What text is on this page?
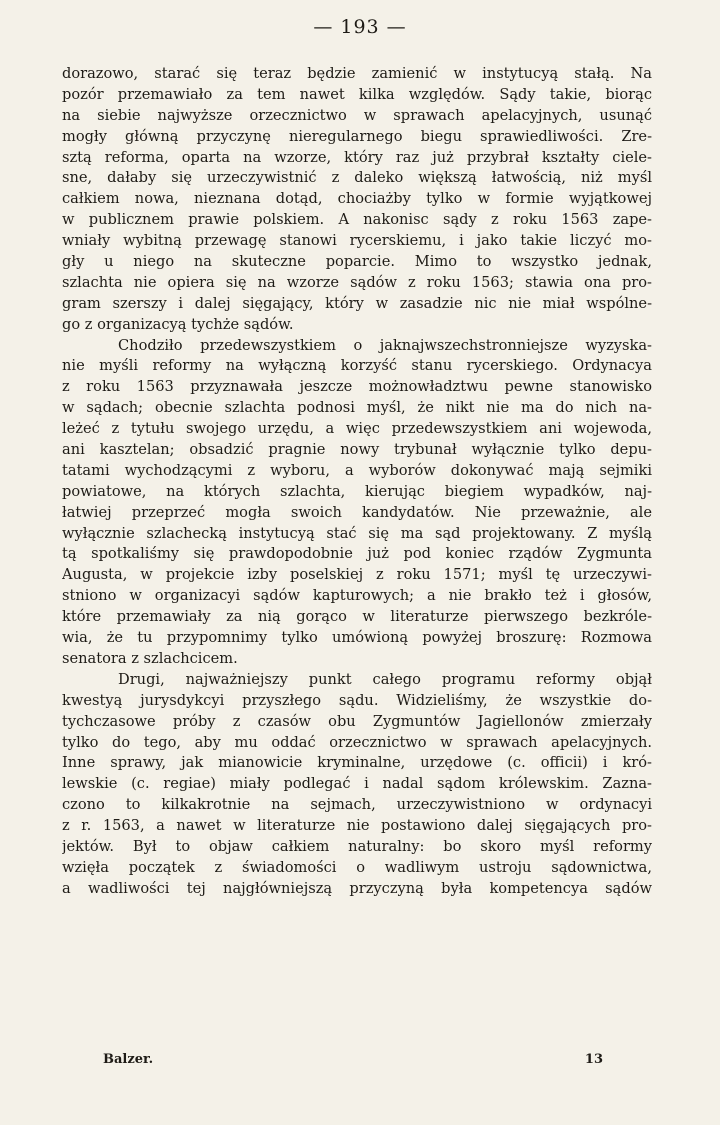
— 193 —
dorazowo, starać się teraz będzie zamienić w instytucyą stałą. Na
pozór przemawiało za tem nawet kilka względów. Sądy takie, biorąc
na siebie najwyższe orzecznictwo w sprawach apelacyjnych, usunąć
mogły główną przyczynę nieregularnego biegu sprawiedliwości. Zre-
sztą reforma, oparta na wzorze, który raz już przybrał kształty ciele-
sne, dałaby się urzeczywistnić z daleko większą łatwością, niż myśl
całkiem nowa, nieznana dotąd, chociażby tylko w formie wyjątkowej
w publicznem prawie polskiem. A nakonisc sądy z roku 1563 zape-
wniały wybitną przewagę stanowi rycerskiemu, i jako takie liczyć mo-
gły u niego na skuteczne poparcie. Mimo to wszystko jednak,
szlachta nie opiera się na wzorze sądów z roku 1563; stawia ona pro-
gram szerszy i dalej sięgający, który w zasadzie nic nie miał wspólne-
go z organizacyą tychże sądów.
Chodziło przedewszystkiem o jaknajwszechstronniejsze wyzyska-
nie myśli reformy na wyłączną korzyść stanu rycerskiego. Ordynacya
z roku 1563 przyznawała jeszcze możnowładztwu pewne stanowisko
w sądach; obecnie szlachta podnosi myśl, że nikt nie ma do nich na-
leżeć z tytułu swojego urzędu, a więc przedewszystkiem ani wojewoda,
ani kasztelan; obsadzić pragnie nowy trybunał wyłącznie tylko depu-
tatami wychodzącymi z wyboru, a wyborów dokonywać mają sejmiki
powiatowe, na których szlachta, kierując biegiem wypadków, naj-
łatwiej przeprzeć mogła swoich kandydatów. Nie przeważnie, ale
wyłącznie szlachecką instytucyą stać się ma sąd projektowany. Z myślą
tą spotkaliśmy się prawdopodobnie już pod koniec rządów Zygmunta
Augusta, w projekcie izby poselskiej z roku 1571; myśl tę urzeczywi-
stniono w organizacyi sądów kapturowych; a nie brakło też i głosów,
które przemawiały za nią gorąco w literaturze pierwszego bezkróle-
wia, że tu przypomnimy tylko umówioną powyżej broszurę: Rozmowa
senatora z szlachcicem.
Drugi, najważniejszy punkt całego programu reformy objął
kwestyą jurysdykcyi przyszłego sądu. Widzieliśmy, że wszystkie do-
tychczasowe próby z czasów obu Zygmuntów Jagiellonów zmierzały
tylko do tego, aby mu oddać orzecznictwo w sprawach apelacyjnych.
Inne sprawy, jak mianowicie kryminalne, urzędowe (c. officii) i kró-
lewskie (c. regiae) miały podlegać i nadal sądom królewskim. Zazna-
czono to kilkakrotnie na sejmach, urzeczywistniono w ordynacyi
z r. 1563, a nawet w literaturze nie postawiono dalej sięgających pro-
jektów. Był to objaw całkiem naturalny: bo skoro myśl reformy
wzięła początek z świadomości o wadliwym ustroju sądownictwa,
a wadliwości tej najgłówniejszą przyczyną była kompetencya sądów
Balzer.	13
